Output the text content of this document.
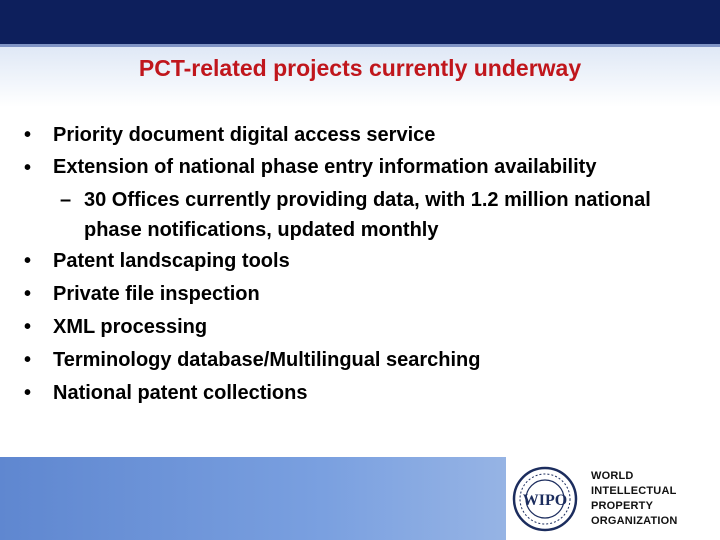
PCT-related projects currently underway
•	Priority document digital access service
•	Extension of national phase entry information availability
– 30 Offices currently providing data, with 1.2 million national phase notifications, updated monthly
•	Patent landscaping tools
•	Private file inspection
•	XML processing
•	Terminology database/Multilingual searching
•	National patent collections
WIPO
WORLD
INTELLECTUAL
PROPERTY
ORGANIZATION
